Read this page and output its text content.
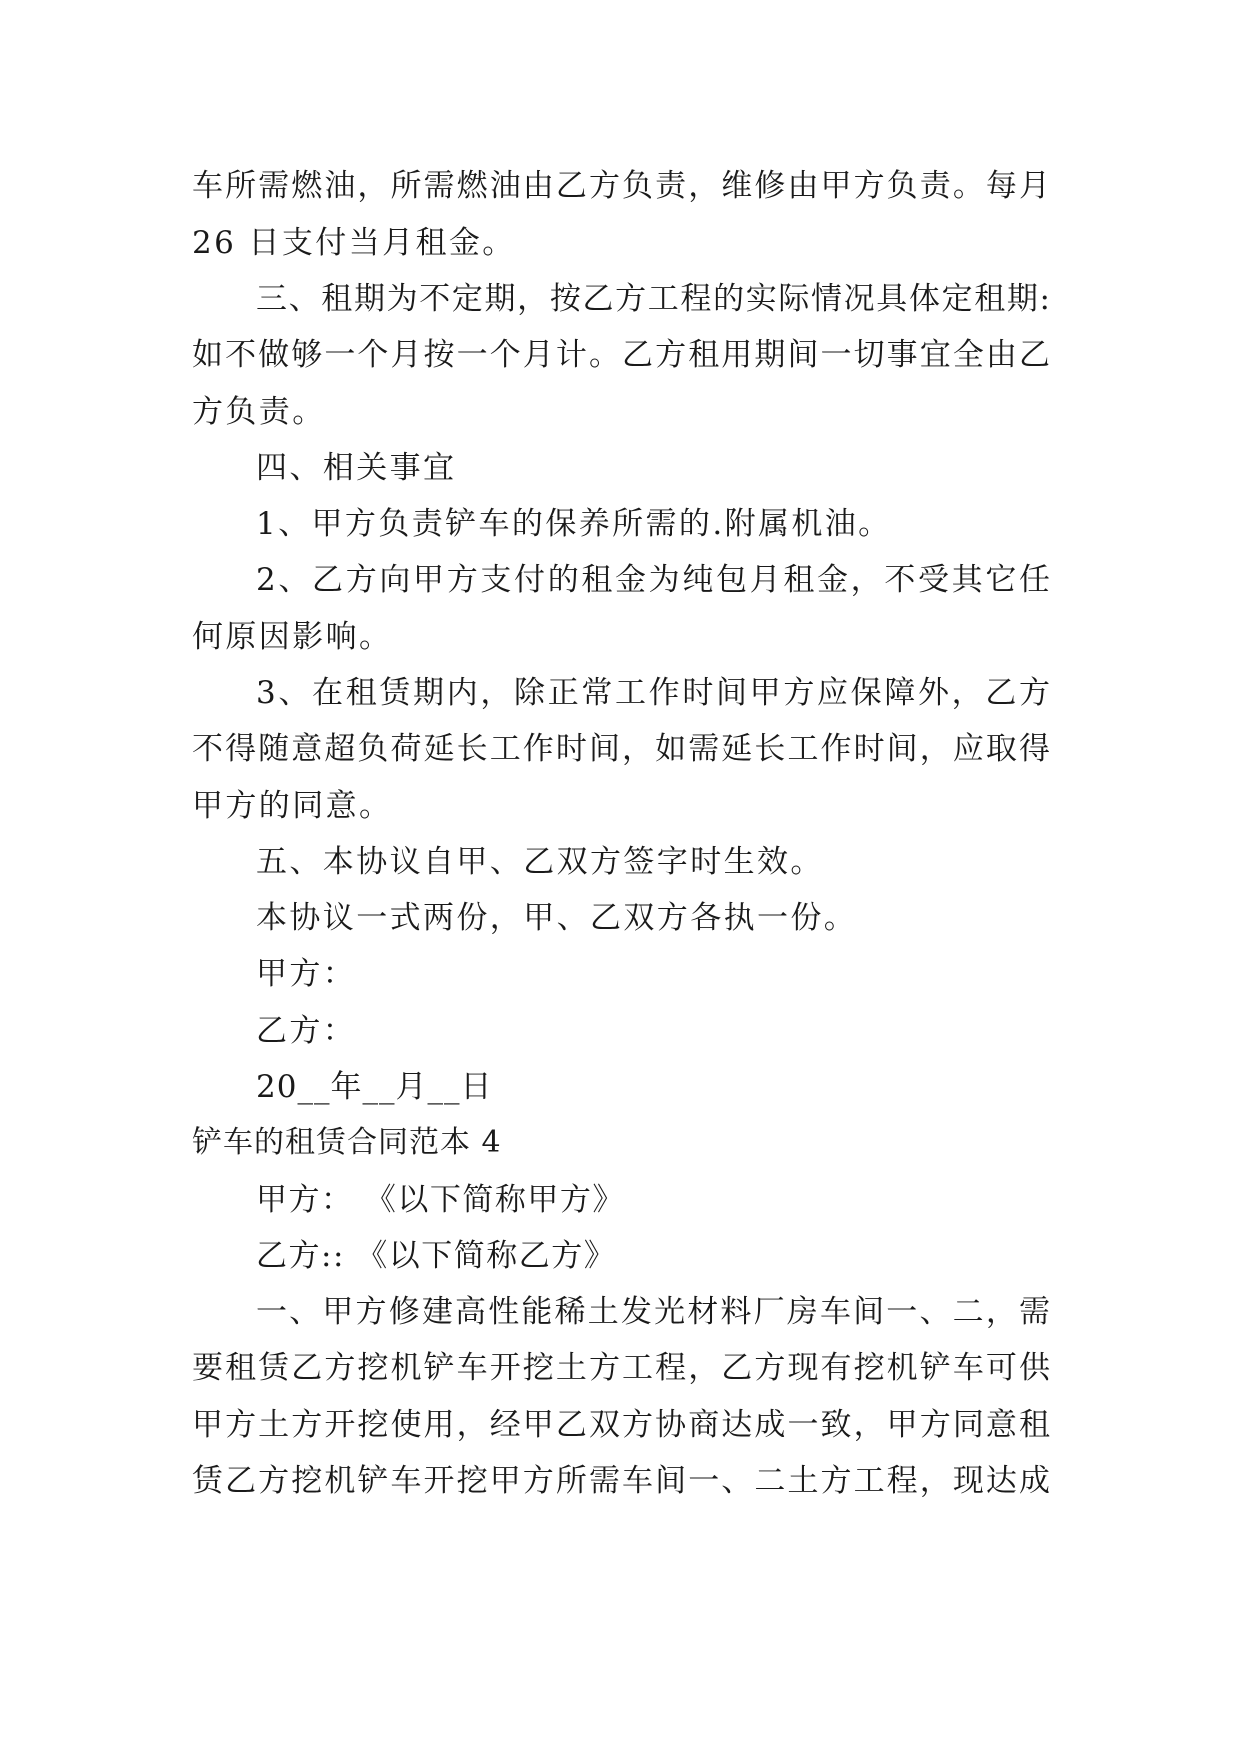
车所需燃油，所需燃油由乙方负责，维修由甲方负责。每月
26 日支付当月租金。
三、租期为不定期，按乙方工程的实际情况具体定租期:
如不做够一个月按一个月计。乙方租用期间一切事宜全由乙
方负责。
四、相关事宜
1、甲方负责铲车的保养所需的.附属机油。
2、乙方向甲方支付的租金为纯包月租金，不受其它任
何原因影响。
3、在租赁期内，除正常工作时间甲方应保障外，乙方
不得随意超负荷延长工作时间，如需延长工作时间，应取得
甲方的同意。
五、本协议自甲、乙双方签字时生效。
本协议一式两份，甲、乙双方各执一份。
甲方：
乙方：
20__年__月__日
铲车的租赁合同范本 4
甲方： 《以下简称甲方》
乙方:: 《以下简称乙方》
一、甲方修建高性能稀土发光材料厂房车间一、二，需
要租赁乙方挖机铲车开挖土方工程，乙方现有挖机铲车可供
甲方土方开挖使用，经甲乙双方协商达成一致，甲方同意租
赁乙方挖机铲车开挖甲方所需车间一、二土方工程，现达成
